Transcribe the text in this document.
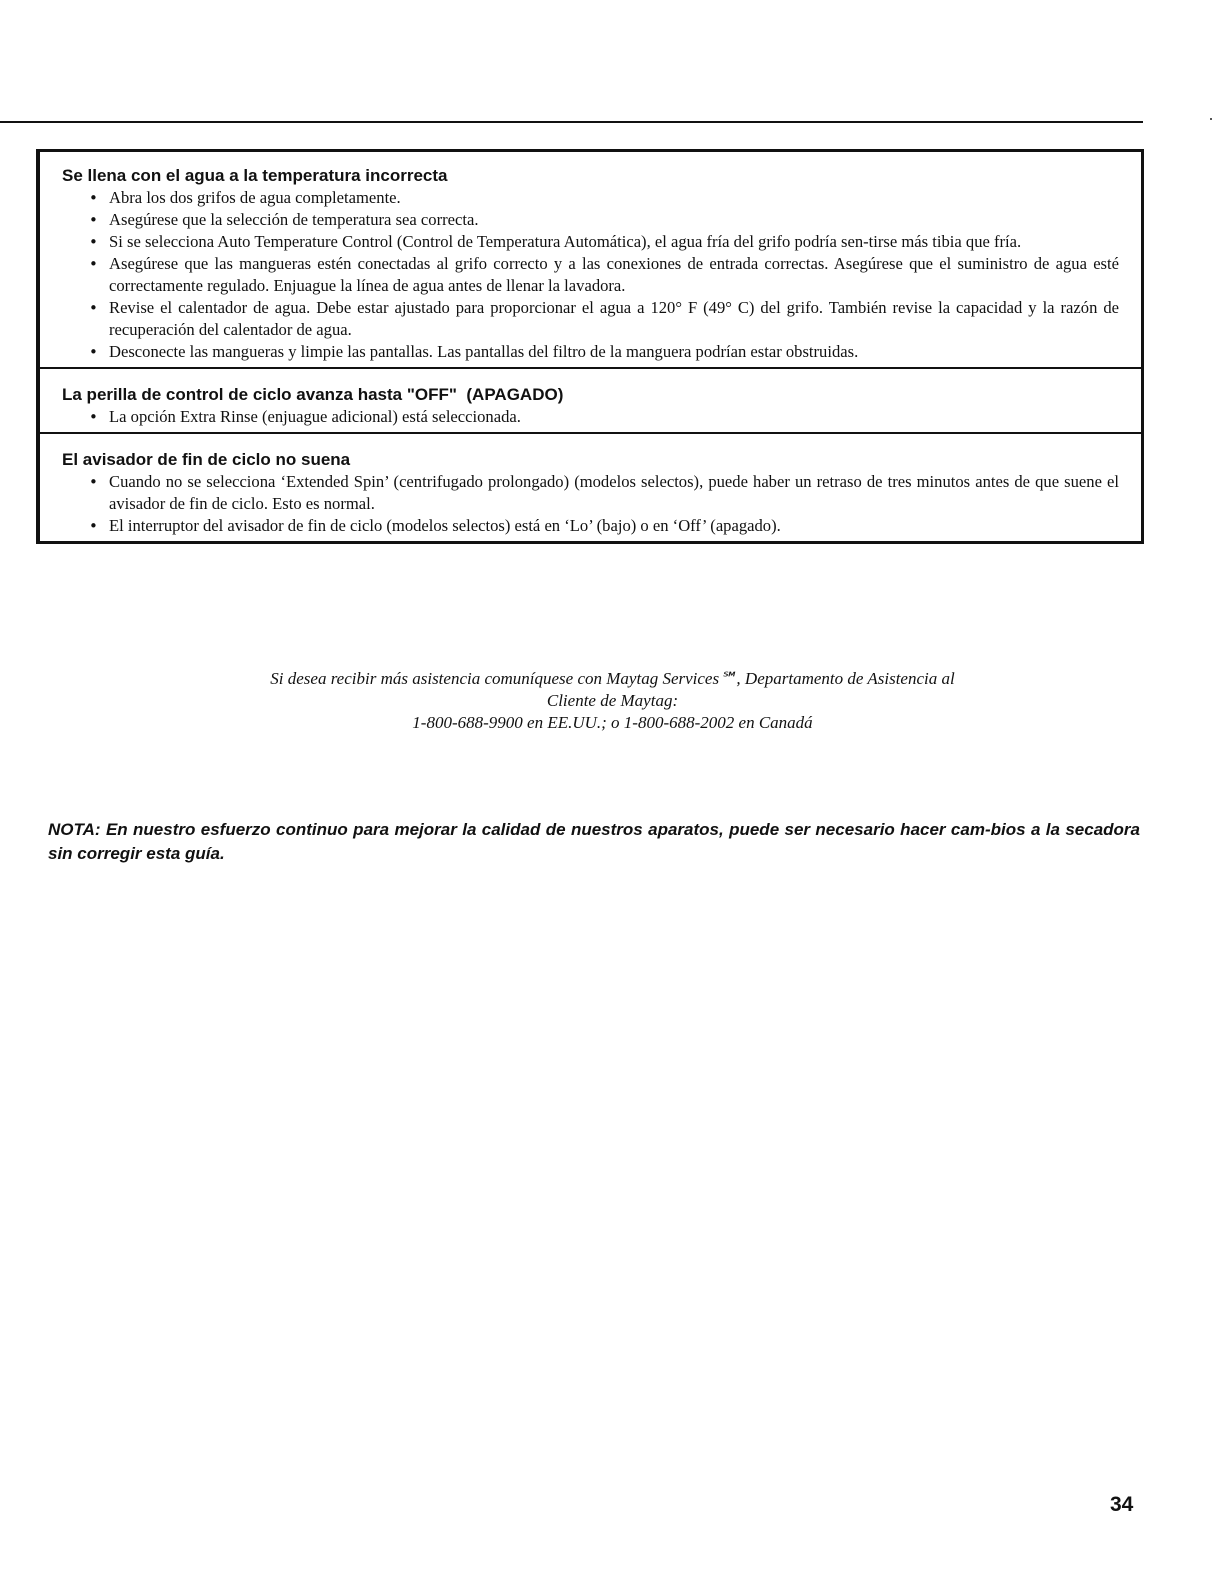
Se llena con el agua a la temperatura incorrecta
• Abra los dos grifos de agua completamente.
• Asegúrese que la selección de temperatura sea correcta.
• Si se selecciona Auto Temperature Control (Control de Temperatura Automática), el agua fría del grifo podría sen-tirse más tibia que fría.
• Asegúrese que las mangueras estén conectadas al grifo correcto y a las conexiones de entrada correctas. Asegúrese que el suministro de agua esté correctamente regulado. Enjuague la línea de agua antes de llenar la lavadora.
• Revise el calentador de agua. Debe estar ajustado para proporcionar el agua a 120° F (49° C) del grifo. También revise la capacidad y la razón de recuperación del calentador de agua.
• Desconecte las mangueras y limpie las pantallas. Las pantallas del filtro de la manguera podrían estar obstruidas.
La perilla de control de ciclo avanza hasta "OFF"  (APAGADO)
• La opción Extra Rinse (enjuague adicional) está seleccionada.
El avisador de fin de ciclo no suena
• Cuando no se selecciona ‘Extended Spin’ (centrifugado prolongado) (modelos selectos), puede haber un retraso de tres minutos antes de que suene el avisador de fin de ciclo. Esto es normal.
• El interruptor del avisador de fin de ciclo (modelos selectos) está en ‘Lo’ (bajo) o en ‘Off’ (apagado).
Si desea recibir más asistencia comuníquese con Maytag Services℠, Departamento de Asistencia al
Cliente de Maytag:
1-800-688-9900 en EE.UU.; o 1-800-688-2002 en Canadá
NOTA: En nuestro esfuerzo continuo para mejorar la calidad de nuestros aparatos, puede ser necesario hacer cam-bios a la secadora sin corregir esta guía.
34
